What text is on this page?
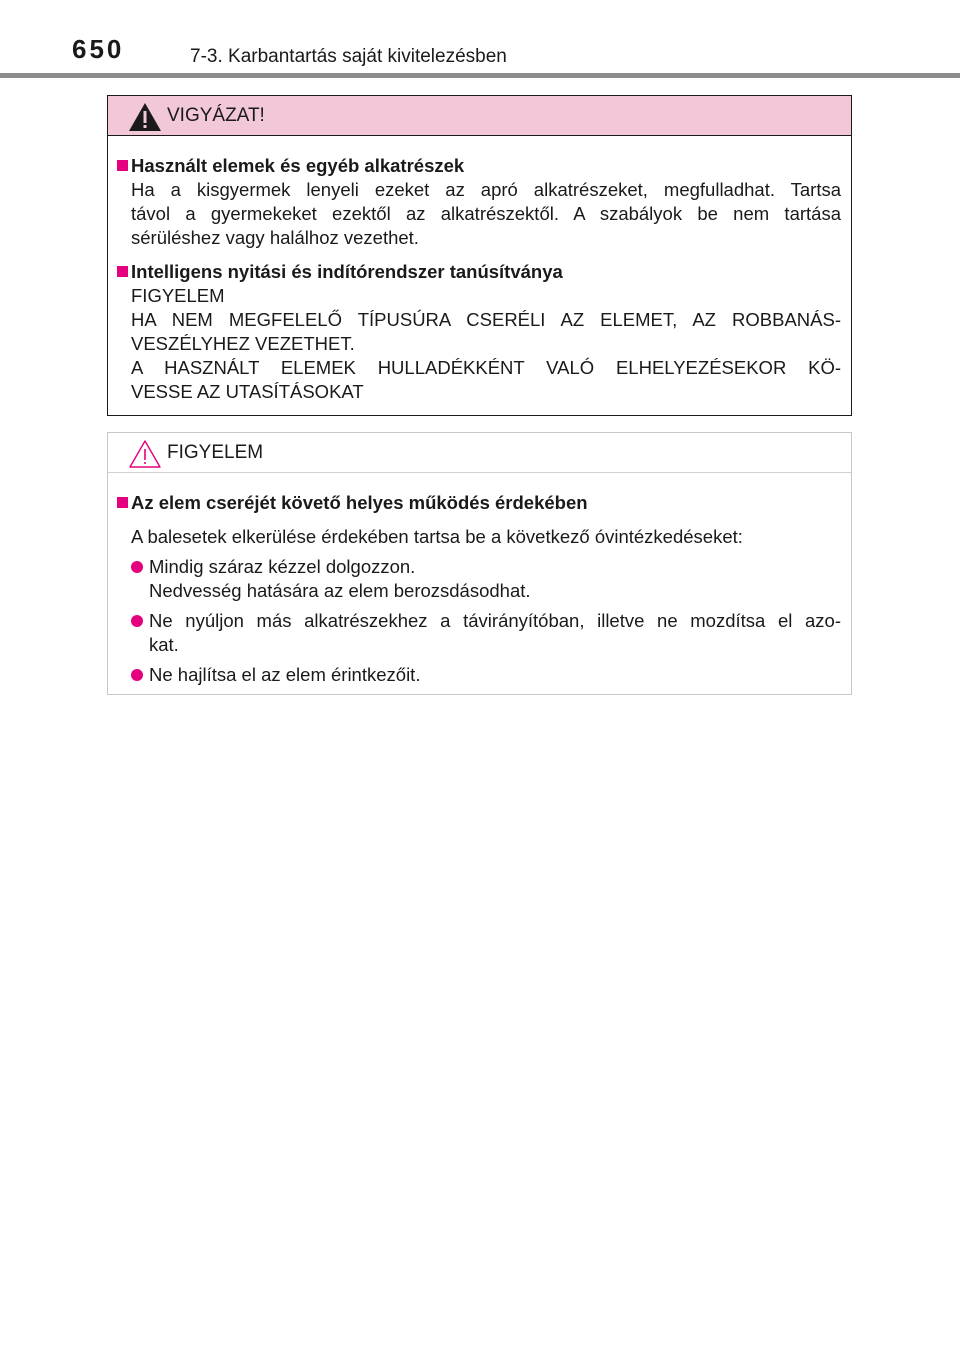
650	7-3. Karbantartás saját kivitelezésben
VIGYÁZAT!
Használt elemek és egyéb alkatrészek
Ha a kisgyermek lenyeli ezeket az apró alkatrészeket, megfulladhat. Tartsa
távol a gyermekeket ezektől az alkatrészektől. A szabályok be nem tartása
sérüléshez vagy halálhoz vezethet.
Intelligens nyitási és indítórendszer tanúsítványa
FIGYELEM
HA NEM MEGFELELŐ TÍPUSÚRA CSERÉLI AZ ELEMET, AZ ROBBANÁS-
VESZÉLYHEZ VEZETHET.
A HASZNÁLT ELEMEK HULLADÉKKÉNT VALÓ ELHELYEZÉSEKOR KÖ-
VESSE AZ UTASÍTÁSOKAT
FIGYELEM
Az elem cseréjét követő helyes működés érdekében
A balesetek elkerülése érdekében tartsa be a következő óvintézkedéseket:
Mindig száraz kézzel dolgozzon.
Nedvesség hatására az elem berozsdásodhat.
Ne nyúljon más alkatrészekhez a távirányítóban, illetve ne mozdítsa el azo-
kat.
Ne hajlítsa el az elem érintkezőit.
